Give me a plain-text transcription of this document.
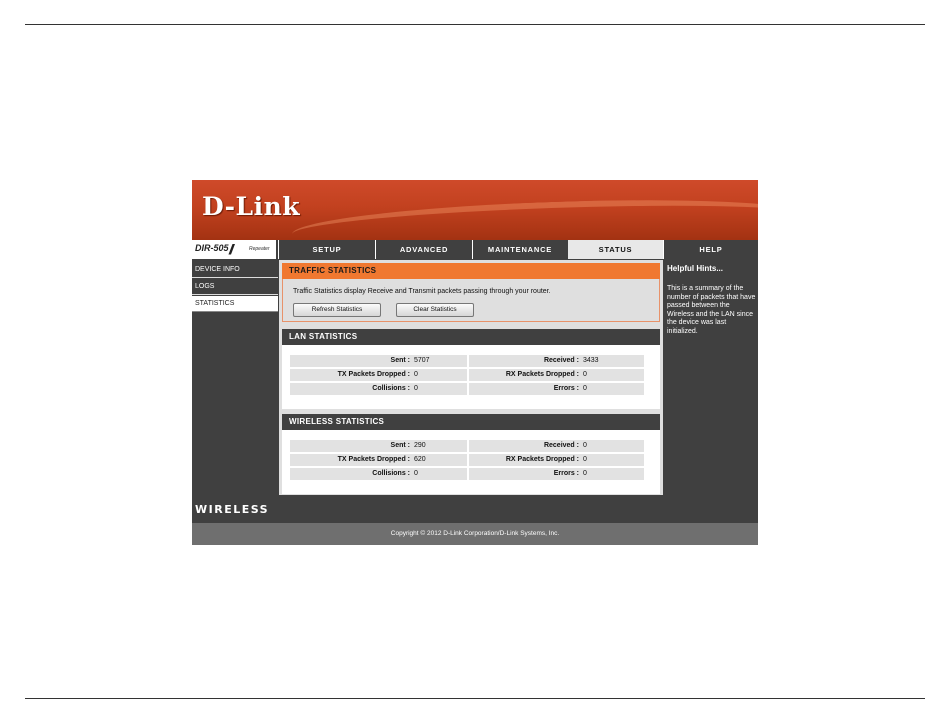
D-Link
DIR-505 //	Repeater	SETUP	ADVANCED	MAINTENANCE	STATUS	HELP
DEVICE INFO
LOGS
STATISTICS
TRAFFIC STATISTICS
Traffic Statistics display Receive and Transmit packets passing through your router.
Refresh Statistics	Clear Statistics
LAN STATISTICS
Sent : 5707	Received : 3433
TX Packets Dropped : 0	RX Packets Dropped : 0
Collisions : 0	Errors : 0
WIRELESS STATISTICS
Sent : 290	Received : 0
TX Packets Dropped : 620	RX Packets Dropped : 0
Collisions : 0	Errors : 0
Helpful Hints...
This is a summary of the number of packets that have passed between the Wireless and the LAN since the device was last initialized.
WIRELESS
Copyright © 2012 D-Link Corporation/D-Link Systems, Inc.
